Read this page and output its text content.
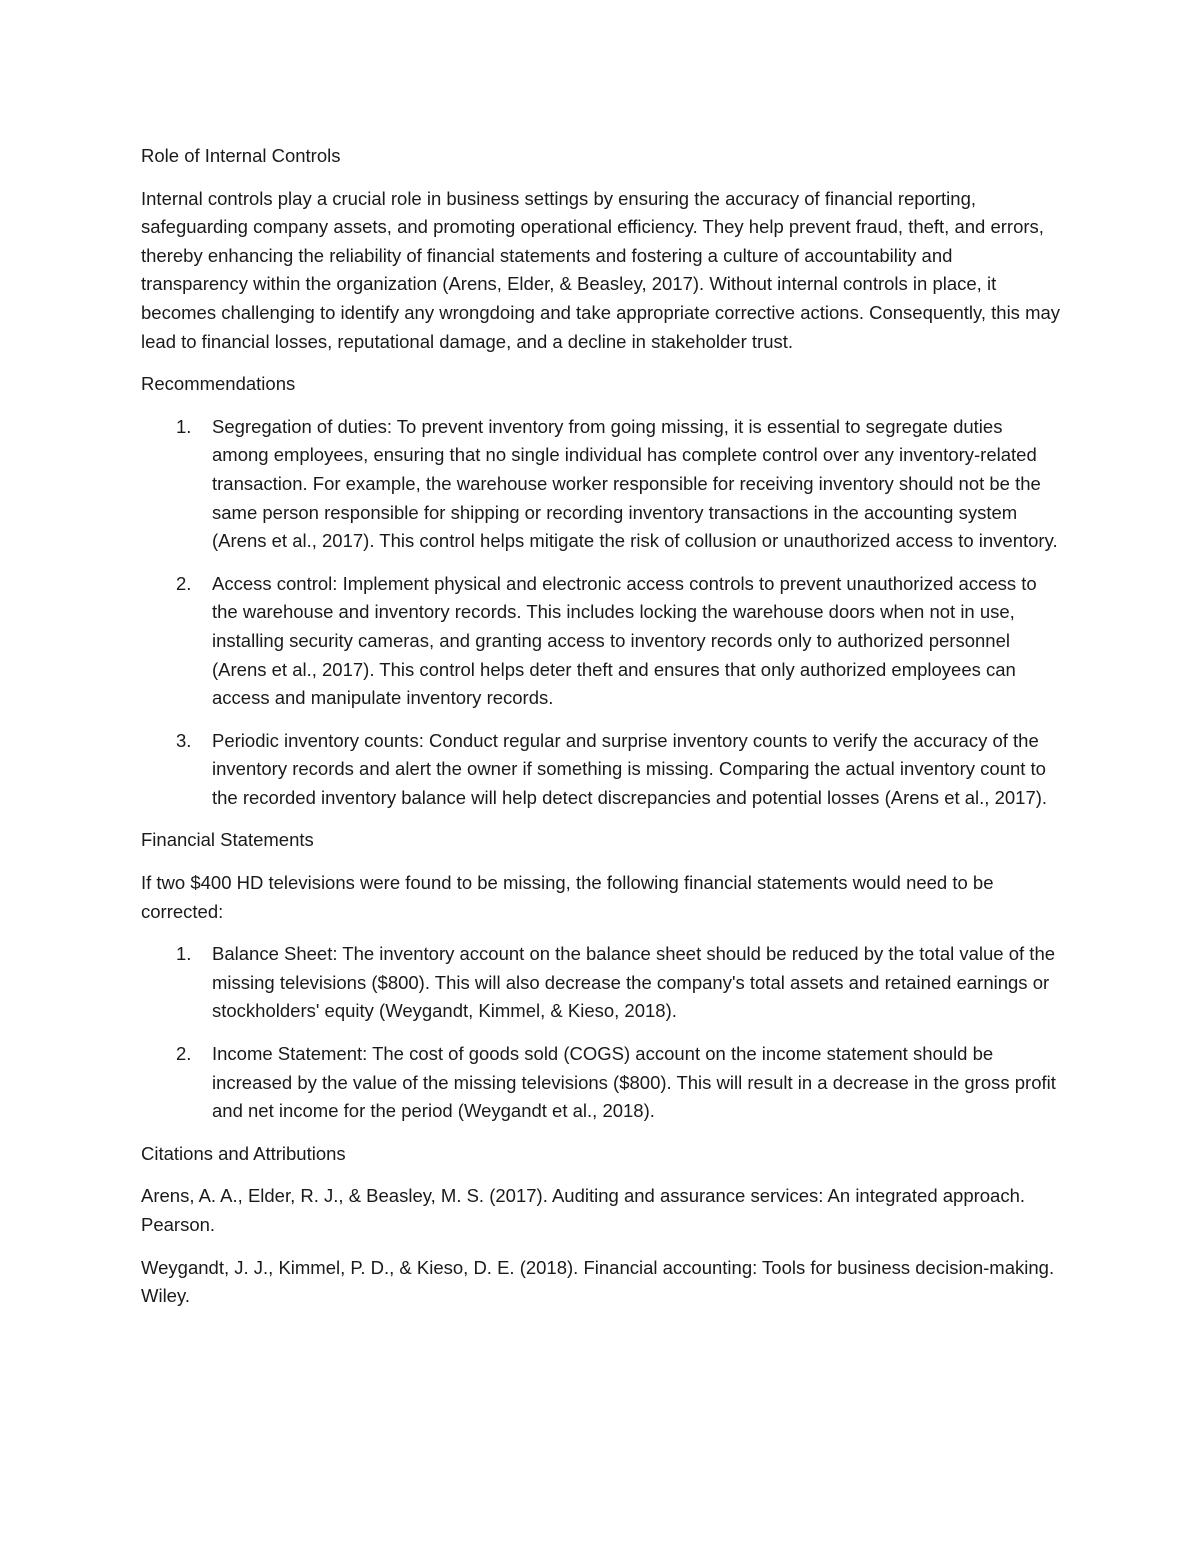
Role of Internal Controls

Internal controls play a crucial role in business settings by ensuring the accuracy of financial reporting, safeguarding company assets, and promoting operational efficiency. They help prevent fraud, theft, and errors, thereby enhancing the reliability of financial statements and fostering a culture of accountability and transparency within the organization (Arens, Elder, & Beasley, 2017). Without internal controls in place, it becomes challenging to identify any wrongdoing and take appropriate corrective actions. Consequently, this may lead to financial losses, reputational damage, and a decline in stakeholder trust.

Recommendations

1. Segregation of duties: To prevent inventory from going missing, it is essential to segregate duties among employees, ensuring that no single individual has complete control over any inventory-related transaction. For example, the warehouse worker responsible for receiving inventory should not be the same person responsible for shipping or recording inventory transactions in the accounting system (Arens et al., 2017). This control helps mitigate the risk of collusion or unauthorized access to inventory.
2. Access control: Implement physical and electronic access controls to prevent unauthorized access to the warehouse and inventory records. This includes locking the warehouse doors when not in use, installing security cameras, and granting access to inventory records only to authorized personnel (Arens et al., 2017). This control helps deter theft and ensures that only authorized employees can access and manipulate inventory records.
3. Periodic inventory counts: Conduct regular and surprise inventory counts to verify the accuracy of the inventory records and alert the owner if something is missing. Comparing the actual inventory count to the recorded inventory balance will help detect discrepancies and potential losses (Arens et al., 2017).

Financial Statements

If two $400 HD televisions were found to be missing, the following financial statements would need to be corrected:

1. Balance Sheet: The inventory account on the balance sheet should be reduced by the total value of the missing televisions ($800). This will also decrease the company's total assets and retained earnings or stockholders' equity (Weygandt, Kimmel, & Kieso, 2018).
2. Income Statement: The cost of goods sold (COGS) account on the income statement should be increased by the value of the missing televisions ($800). This will result in a decrease in the gross profit and net income for the period (Weygandt et al., 2018).

Citations and Attributions

Arens, A. A., Elder, R. J., & Beasley, M. S. (2017). Auditing and assurance services: An integrated approach. Pearson.

Weygandt, J. J., Kimmel, P. D., & Kieso, D. E. (2018). Financial accounting: Tools for business decision-making. Wiley.
